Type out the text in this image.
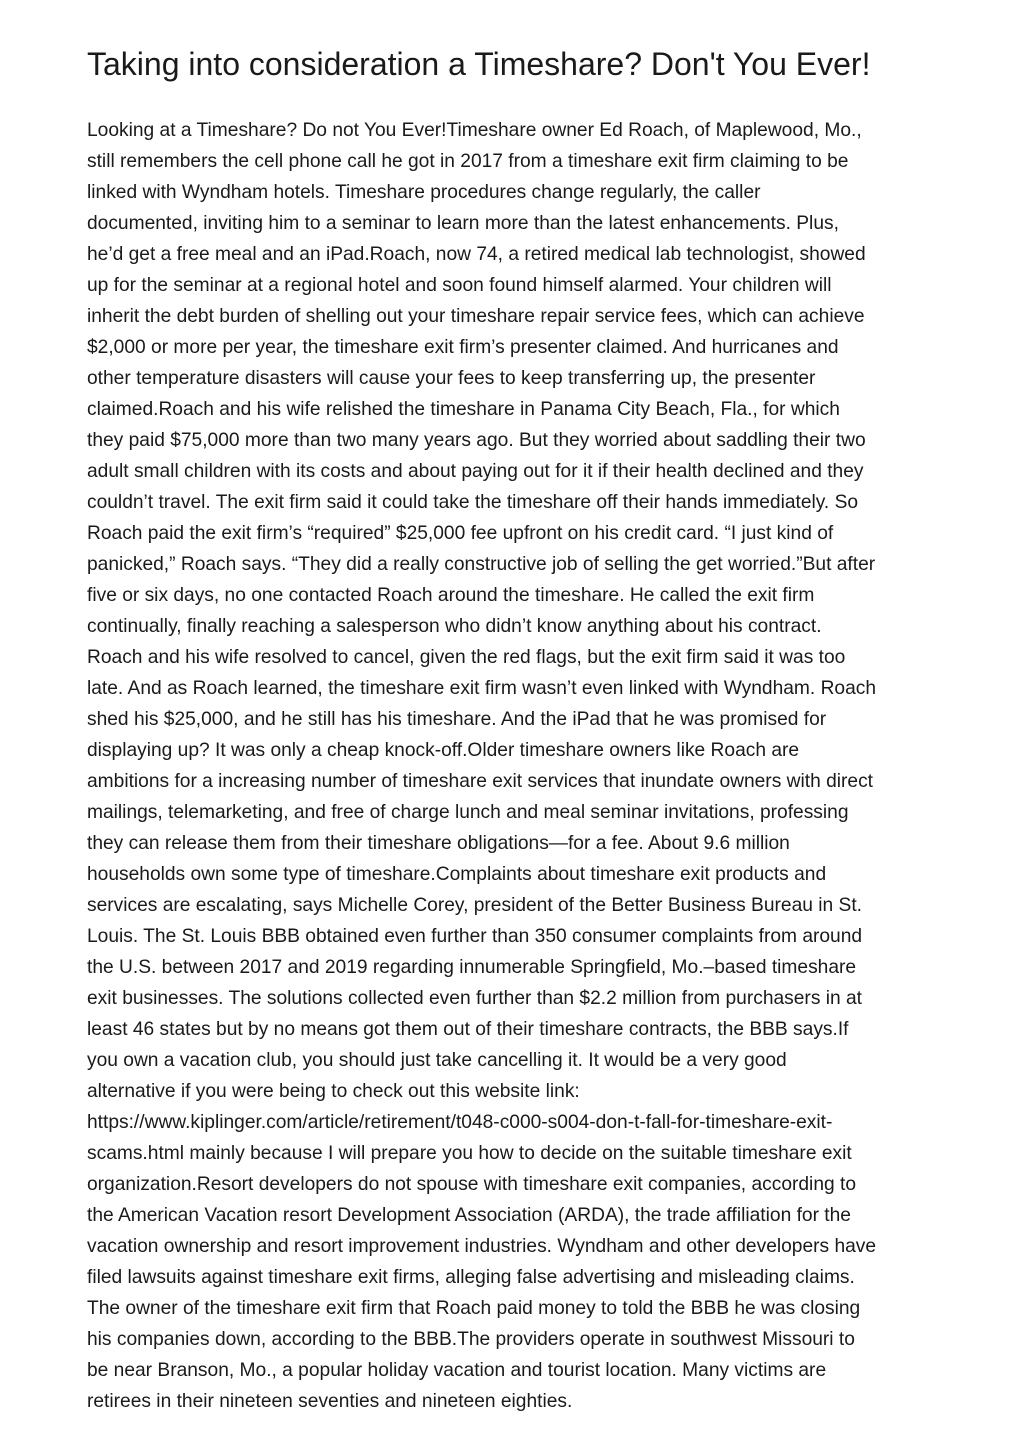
Taking into consideration a Timeshare? Don't You Ever!
Looking at a Timeshare? Do not You Ever!Timeshare owner Ed Roach, of Maplewood, Mo.,
still remembers the cell phone call he got in 2017 from a timeshare exit firm claiming to be
linked with Wyndham hotels. Timeshare procedures change regularly, the caller
documented, inviting him to a seminar to learn more than the latest enhancements. Plus,
he’d get a free meal and an iPad.Roach, now 74, a retired medical lab technologist, showed
up for the seminar at a regional hotel and soon found himself alarmed. Your children will
inherit the debt burden of shelling out your timeshare repair service fees, which can achieve
$2,000 or more per year, the timeshare exit firm’s presenter claimed. And hurricanes and
other temperature disasters will cause your fees to keep transferring up, the presenter
claimed.Roach and his wife relished the timeshare in Panama City Beach, Fla., for which
they paid $75,000 more than two many years ago. But they worried about saddling their two
adult small children with its costs and about paying out for it if their health declined and they
couldn’t travel. The exit firm said it could take the timeshare off their hands immediately. So
Roach paid the exit firm’s “required” $25,000 fee upfront on his credit card. “I just kind of
panicked,” Roach says. “They did a really constructive job of selling the get worried.”But after
five or six days, no one contacted Roach around the timeshare. He called the exit firm
continually, finally reaching a salesperson who didn’t know anything about his contract.
Roach and his wife resolved to cancel, given the red flags, but the exit firm said it was too
late. And as Roach learned, the timeshare exit firm wasn’t even linked with Wyndham. Roach
shed his $25,000, and he still has his timeshare. And the iPad that he was promised for
displaying up? It was only a cheap knock-off.Older timeshare owners like Roach are
ambitions for a increasing number of timeshare exit services that inundate owners with direct
mailings, telemarketing, and free of charge lunch and meal seminar invitations, professing
they can release them from their timeshare obligations—for a fee. About 9.6 million
households own some type of timeshare.Complaints about timeshare exit products and
services are escalating, says Michelle Corey, president of the Better Business Bureau in St.
Louis. The St. Louis BBB obtained even further than 350 consumer complaints from around
the U.S. between 2017 and 2019 regarding innumerable Springfield, Mo.–based timeshare
exit businesses. The solutions collected even further than $2.2 million from purchasers in at
least 46 states but by no means got them out of their timeshare contracts, the BBB says.If
you own a vacation club, you should just take cancelling it. It would be a very good
alternative if you were being to check out this website link:
https://www.kiplinger.com/article/retirement/t048-c000-s004-don-t-fall-for-timeshare-exit-
scams.html mainly because I will prepare you how to decide on the suitable timeshare exit
organization.Resort developers do not spouse with timeshare exit companies, according to
the American Vacation resort Development Association (ARDA), the trade affiliation for the
vacation ownership and resort improvement industries. Wyndham and other developers have
filed lawsuits against timeshare exit firms, alleging false advertising and misleading claims.
The owner of the timeshare exit firm that Roach paid money to told the BBB he was closing
his companies down, according to the BBB.The providers operate in southwest Missouri to
be near Branson, Mo., a popular holiday vacation and tourist location. Many victims are
retirees in their nineteen seventies and nineteen eighties.
